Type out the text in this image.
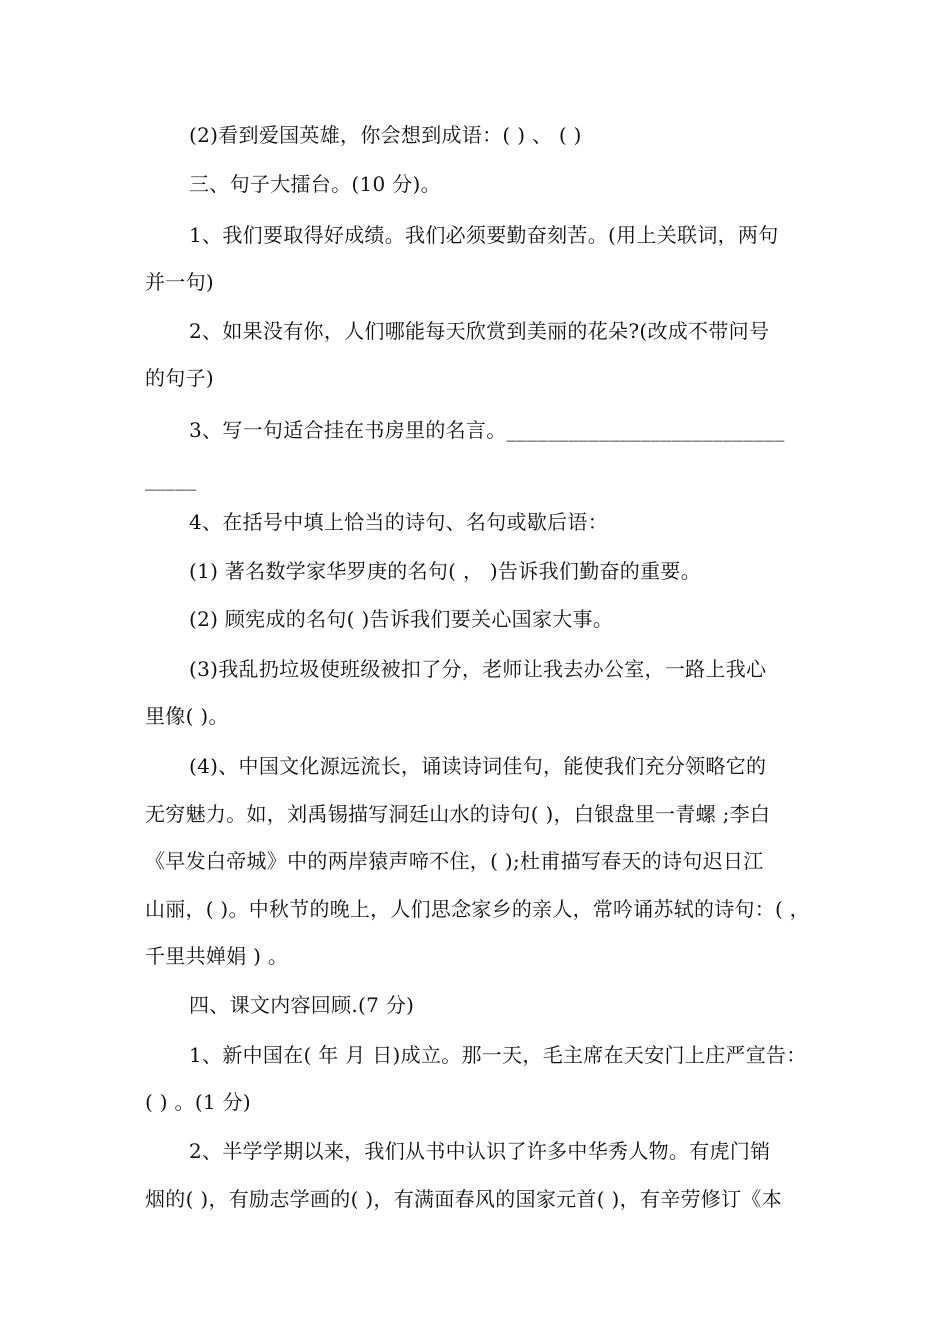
(2)看到爱国英雄，你会想到成语：( ) 、 ( )
三、句子大擂台。(10 分)。
1、我们要取得好成绩。我们必须要勤奋刻苦。(用上关联词，两句
并一句)
2、如果没有你，人们哪能每天欣赏到美丽的花朵?(改成不带问号
的句子)
3、写一句适合挂在书房里的名言。___________________________
_____
4、在括号中填上恰当的诗句、名句或歇后语：
(1) 著名数学家华罗庚的名句( ， )告诉我们勤奋的重要。
(2) 顾宪成的名句( )告诉我们要关心国家大事。
(3)我乱扔垃圾使班级被扣了分，老师让我去办公室，一路上我心
里像( )。
(4)、中国文化源远流长，诵读诗词佳句，能使我们充分领略它的
无穷魅力。如，刘禹锡描写洞廷山水的诗句( )，白银盘里一青螺 ;李白
《早发白帝城》中的两岸猿声啼不住，( );杜甫描写春天的诗句迟日江
山丽，( )。中秋节的晚上，人们思念家乡的亲人，常吟诵苏轼的诗句：( ，
千里共婵娟 ) 。
四、课文内容回顾.(7 分)
1、新中国在( 年 月 日)成立。那一天，毛主席在天安门上庄严宣告：
( ) 。(1 分)
2、半学学期以来，我们从书中认识了许多中华秀人物。有虎门销
烟的( )，有励志学画的( )，有满面春风的国家元首( )，有辛劳修订《本
